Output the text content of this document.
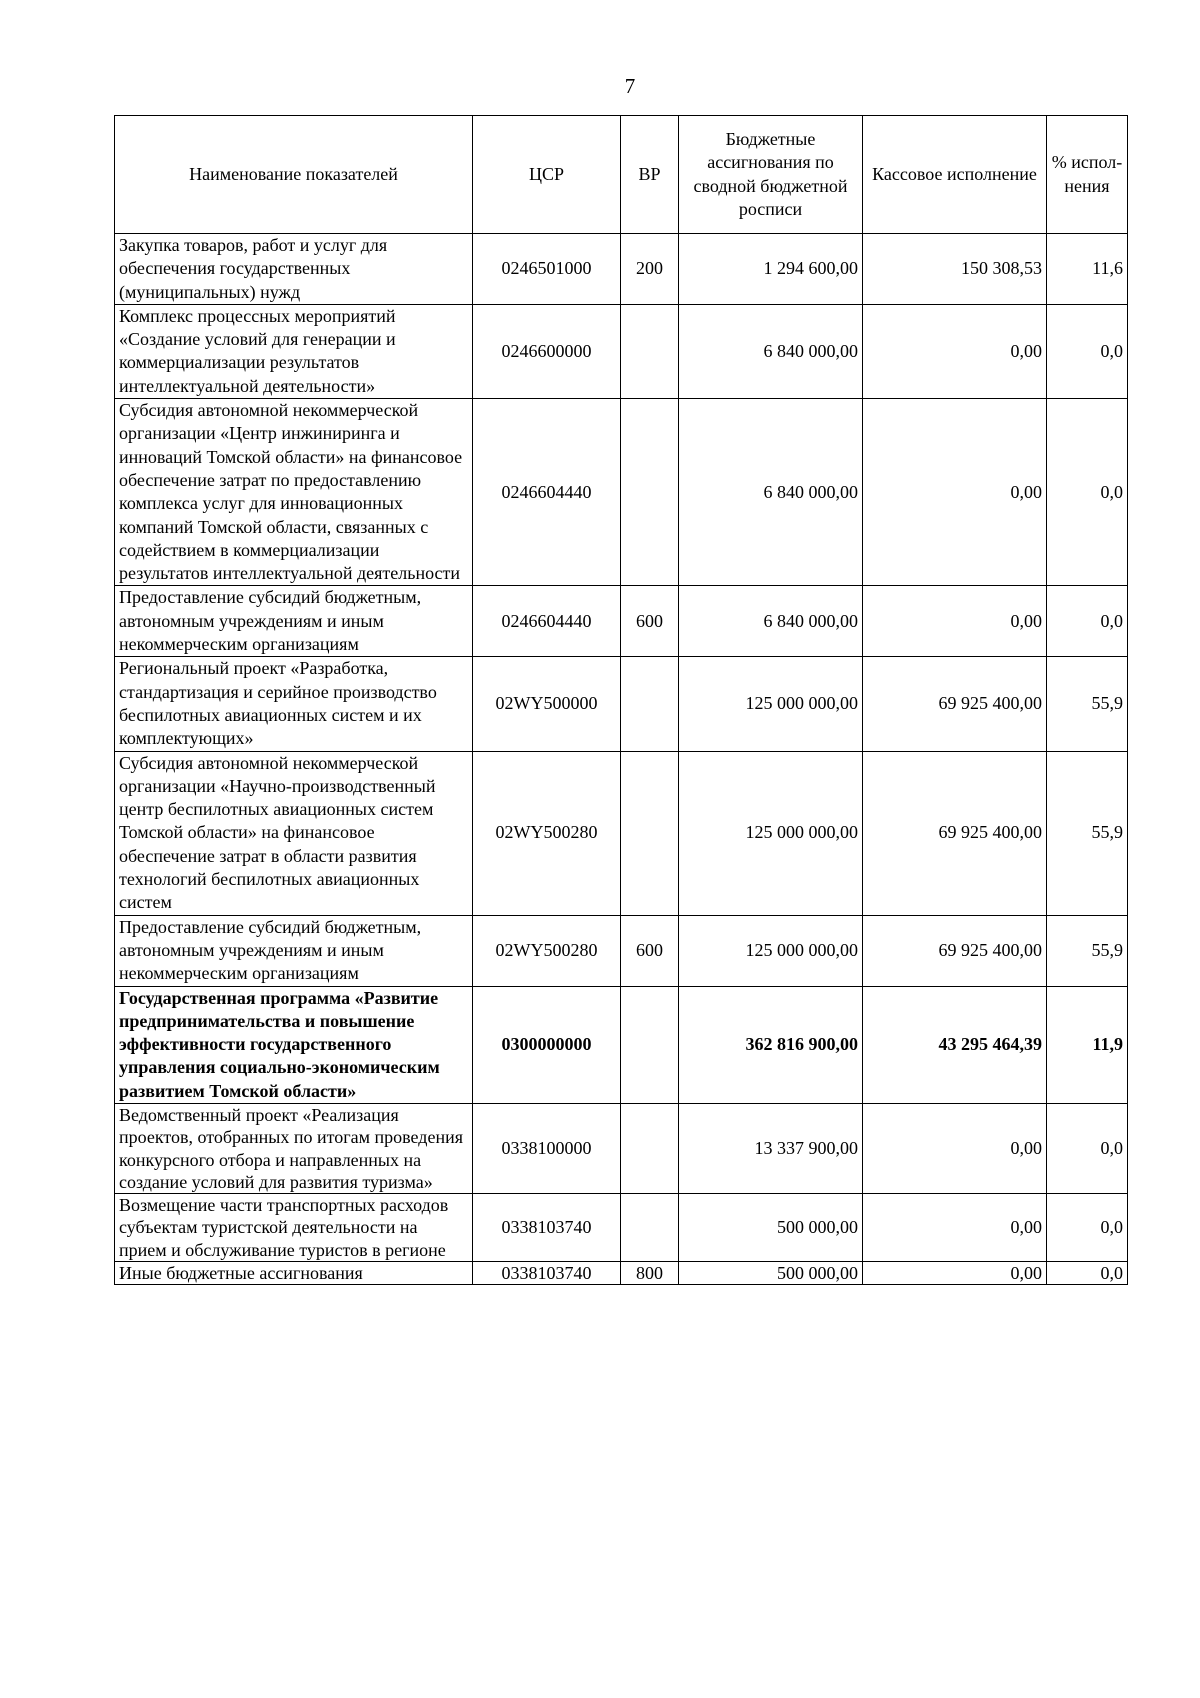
7
Наименование показателей	ЦСР	ВР	Бюджетные ассигнования по сводной бюджетной росписи	Кассовое исполнение	% испол-нения
Закупка товаров, работ и услуг для обеспечения государственных (муниципальных) нужд	0246501000	200	1 294 600,00	150 308,53	11,6
Комплекс процессных мероприятий «Создание условий для генерации и коммерциализации результатов интеллектуальной деятельности»	0246600000		6 840 000,00	0,00	0,0
Субсидия автономной некоммерческой организации «Центр инжиниринга и инноваций Томской области» на финансовое обеспечение затрат по предоставлению комплекса услуг для инновационных компаний Томской области, связанных с содействием в коммерциализации результатов интеллектуальной деятельности	0246604440		6 840 000,00	0,00	0,0
Предоставление субсидий бюджетным, автономным учреждениям и иным некоммерческим организациям	0246604440	600	6 840 000,00	0,00	0,0
Региональный проект «Разработка, стандартизация и серийное производство беспилотных авиационных систем и их комплектующих»	02WY500000		125 000 000,00	69 925 400,00	55,9
Субсидия автономной некоммерческой организации «Научно-производственный центр беспилотных авиационных систем Томской области» на финансовое обеспечение затрат в области развития технологий беспилотных авиационных систем	02WY500280		125 000 000,00	69 925 400,00	55,9
Предоставление субсидий бюджетным, автономным учреждениям и иным некоммерческим организациям	02WY500280	600	125 000 000,00	69 925 400,00	55,9
Государственная программа «Развитие предпринимательства и повышение эффективности государственного управления социально-экономическим развитием Томской области»	0300000000		362 816 900,00	43 295 464,39	11,9
Ведомственный проект «Реализация проектов, отобранных по итогам проведения конкурсного отбора и направленных на создание условий для развития туризма»	0338100000		13 337 900,00	0,00	0,0
Возмещение части транспортных расходов субъектам туристской деятельности на прием и обслуживание туристов в регионе	0338103740		500 000,00	0,00	0,0
Иные бюджетные ассигнования	0338103740	800	500 000,00	0,00	0,0
